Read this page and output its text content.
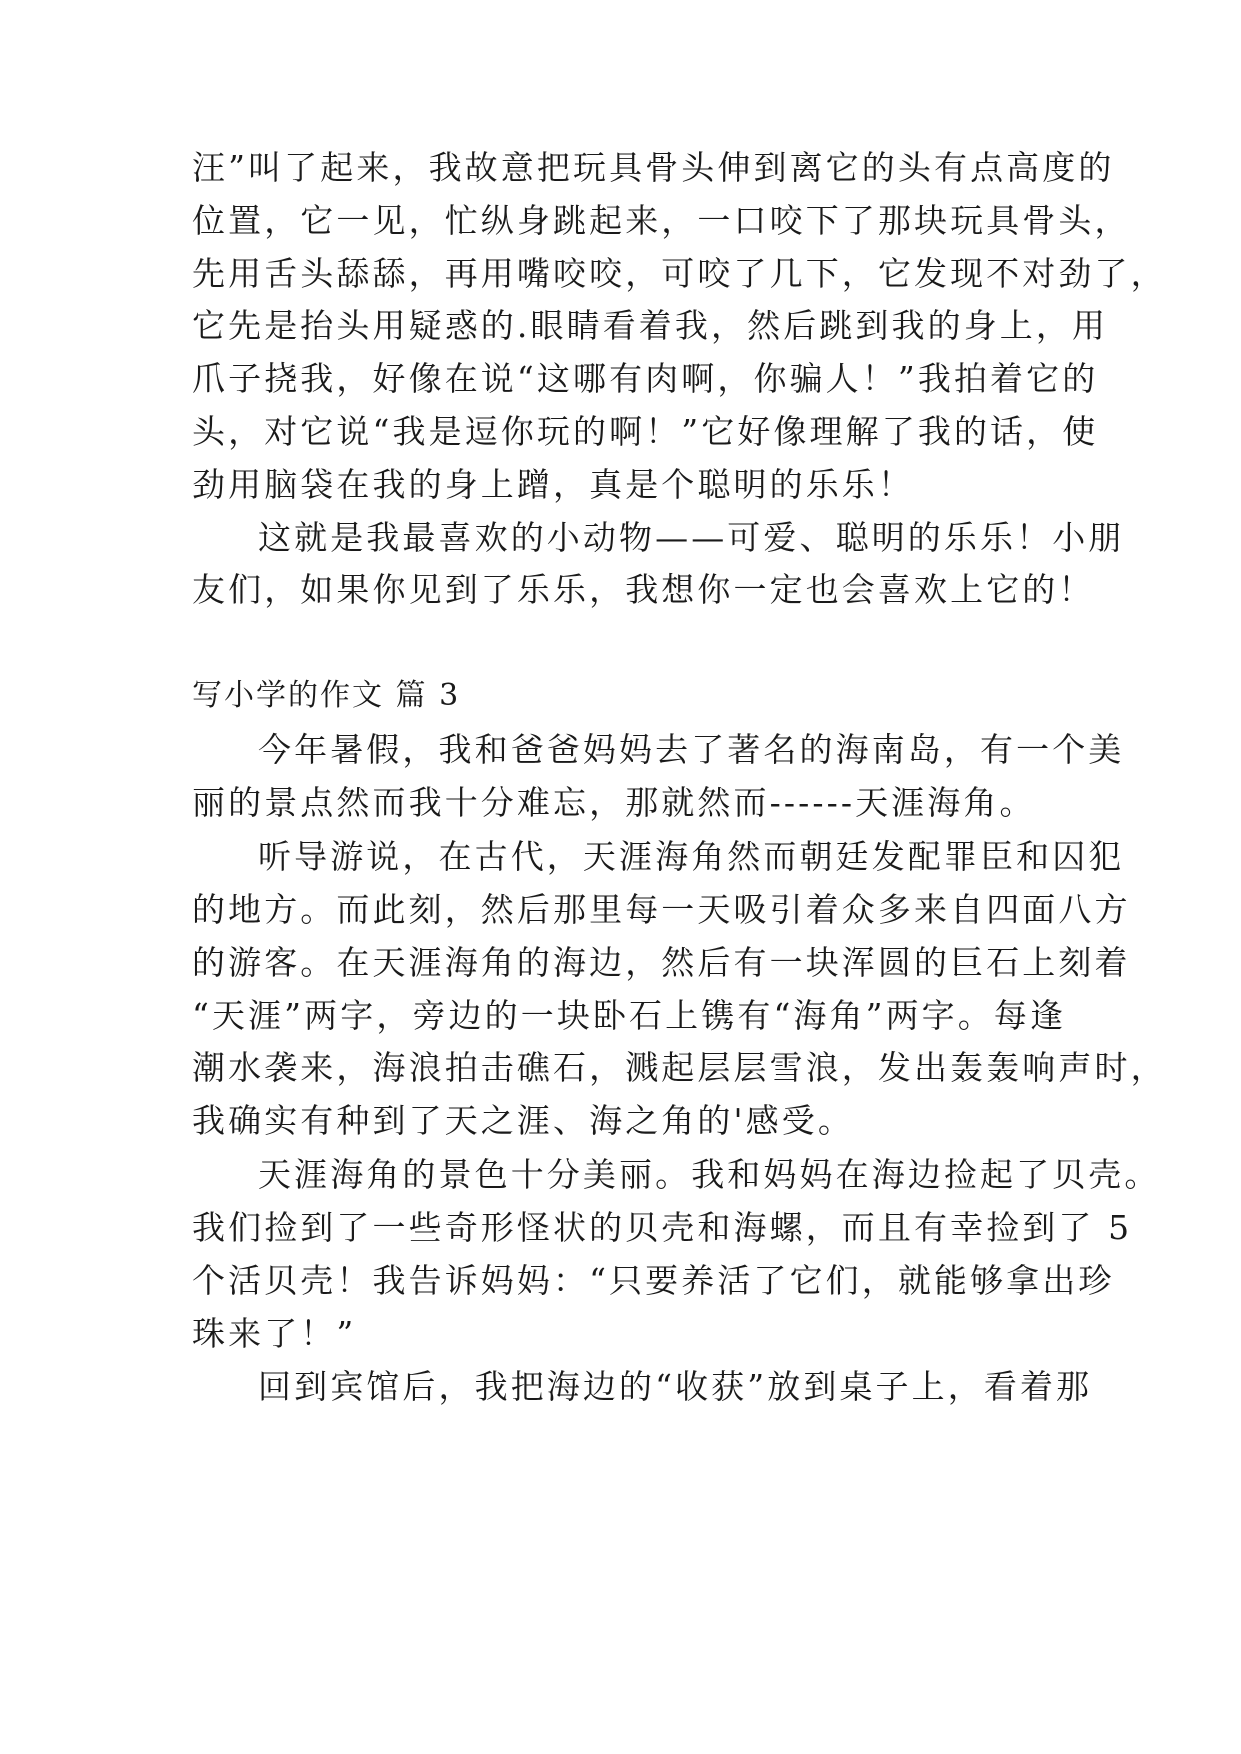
汪”叫了起来，我故意把玩具骨头伸到离它的头有点高度的
位置，它一见，忙纵身跳起来，一口咬下了那块玩具骨头，
先用舌头舔舔，再用嘴咬咬，可咬了几下，它发现不对劲了，
它先是抬头用疑惑的.眼睛看着我，然后跳到我的身上，用
爪子挠我，好像在说“这哪有肉啊，你骗人！”我拍着它的
头，对它说“我是逗你玩的啊！”它好像理解了我的话，使
劲用脑袋在我的身上蹭，真是个聪明的乐乐！
这就是我最喜欢的小动物——可爱、聪明的乐乐！小朋
友们，如果你见到了乐乐，我想你一定也会喜欢上它的！
写小学的作文 篇 3
今年暑假，我和爸爸妈妈去了著名的海南岛，有一个美
丽的景点然而我十分难忘，那就然而------天涯海角。
听导游说，在古代，天涯海角然而朝廷发配罪臣和囚犯
的地方。而此刻，然后那里每一天吸引着众多来自四面八方
的游客。在天涯海角的海边，然后有一块浑圆的巨石上刻着
“天涯”两字，旁边的一块卧石上镌有“海角”两字。每逢
潮水袭来，海浪拍击礁石，溅起层层雪浪，发出轰轰响声时，
我确实有种到了天之涯、海之角的'感受。
天涯海角的景色十分美丽。我和妈妈在海边捡起了贝壳。
我们捡到了一些奇形怪状的贝壳和海螺，而且有幸捡到了 5
个活贝壳！我告诉妈妈：“只要养活了它们，就能够拿出珍
珠来了！”
回到宾馆后，我把海边的“收获”放到桌子上，看着那
